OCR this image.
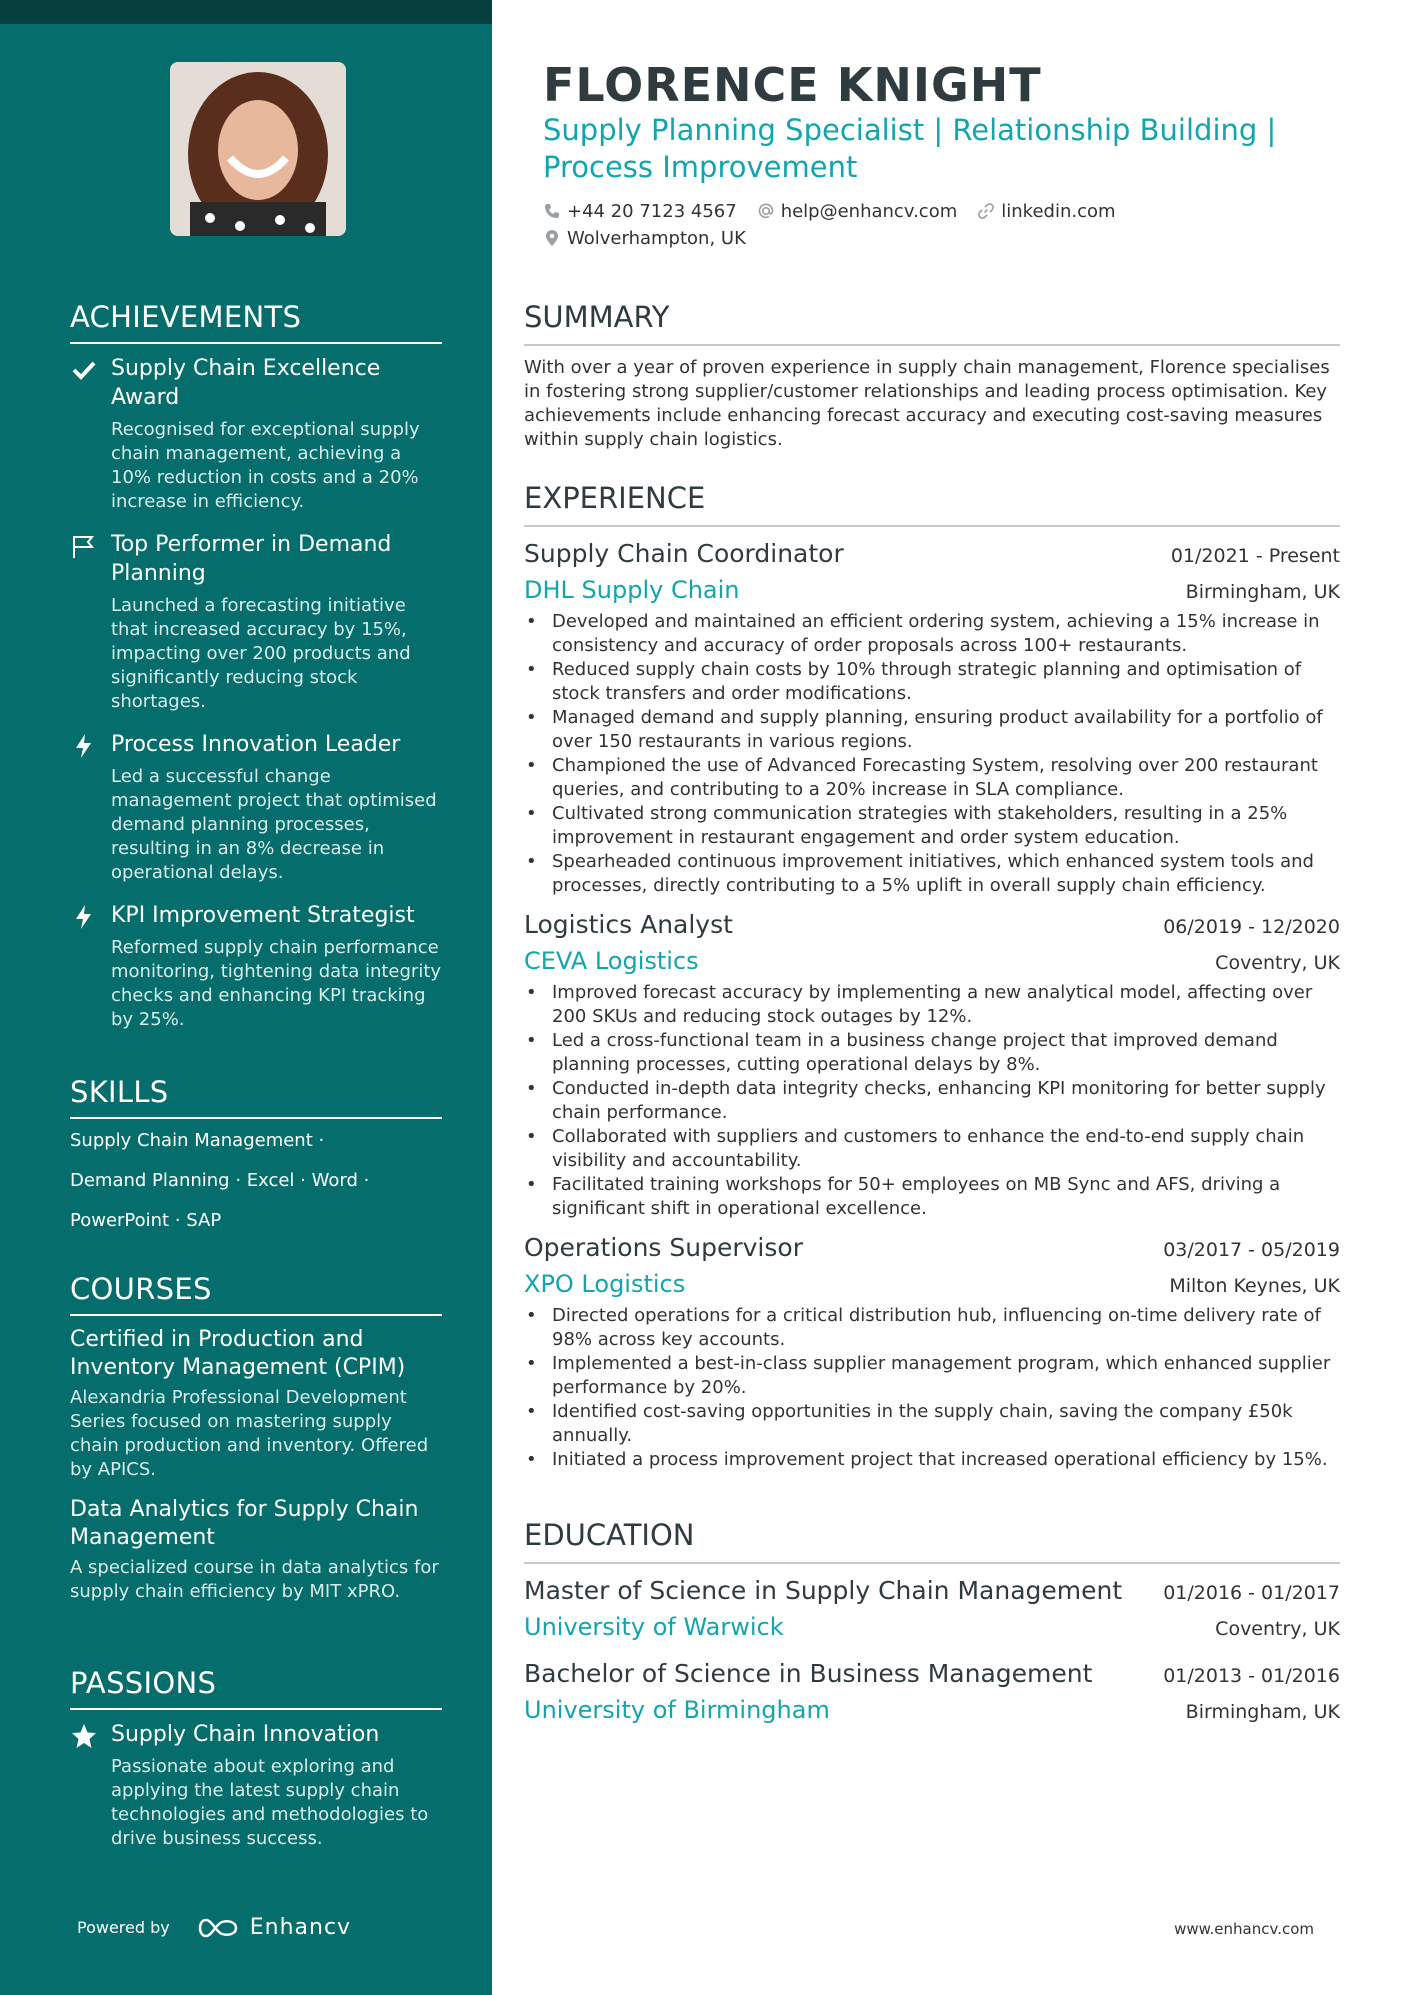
ACHIEVEMENTS
Supply Chain Excellence Award
Recognised for exceptional supply chain management, achieving a 10% reduction in costs and a 20% increase in efficiency.
Top Performer in Demand Planning
Launched a forecasting initiative that increased accuracy by 15%, impacting over 200 products and significantly reducing stock shortages.
Process Innovation Leader
Led a successful change management project that optimised demand planning processes, resulting in an 8% decrease in operational delays.
KPI Improvement Strategist
Reformed supply chain performance monitoring, tightening data integrity checks and enhancing KPI tracking by 25%.
SKILLS
Supply Chain Management ·
Demand Planning · Excel · Word ·
PowerPoint · SAP
COURSES
Certified in Production and Inventory Management (CPIM)
Alexandria Professional Development Series focused on mastering supply chain production and inventory. Offered by APICS.
Data Analytics for Supply Chain Management
A specialized course in data analytics for supply chain efficiency by MIT xPRO.
PASSIONS
Supply Chain Innovation
Passionate about exploring and applying the latest supply chain technologies and methodologies to drive business success.
Powered by	Enhancv
FLORENCE KNIGHT
Supply Planning Specialist | Relationship Building | Process Improvement
+44 20 7123 4567 help@enhancv.com linkedin.com
Wolverhampton, UK
SUMMARY
With over a year of proven experience in supply chain management, Florence specialises in fostering strong supplier/customer relationships and leading process optimisation. Key achievements include enhancing forecast accuracy and executing cost-saving measures within supply chain logistics.
EXPERIENCE
Supply Chain Coordinator	01/2021 - Present
DHL Supply Chain	Birmingham, UK
• Developed and maintained an efficient ordering system, achieving a 15% increase in consistency and accuracy of order proposals across 100+ restaurants.
• Reduced supply chain costs by 10% through strategic planning and optimisation of stock transfers and order modifications.
• Managed demand and supply planning, ensuring product availability for a portfolio of over 150 restaurants in various regions.
• Championed the use of Advanced Forecasting System, resolving over 200 restaurant queries, and contributing to a 20% increase in SLA compliance.
• Cultivated strong communication strategies with stakeholders, resulting in a 25% improvement in restaurant engagement and order system education.
• Spearheaded continuous improvement initiatives, which enhanced system tools and processes, directly contributing to a 5% uplift in overall supply chain efficiency.
Logistics Analyst	06/2019 - 12/2020
CEVA Logistics	Coventry, UK
• Improved forecast accuracy by implementing a new analytical model, affecting over 200 SKUs and reducing stock outages by 12%.
• Led a cross-functional team in a business change project that improved demand planning processes, cutting operational delays by 8%.
• Conducted in-depth data integrity checks, enhancing KPI monitoring for better supply chain performance.
• Collaborated with suppliers and customers to enhance the end-to-end supply chain visibility and accountability.
• Facilitated training workshops for 50+ employees on MB Sync and AFS, driving a significant shift in operational excellence.
Operations Supervisor	03/2017 - 05/2019
XPO Logistics	Milton Keynes, UK
• Directed operations for a critical distribution hub, influencing on-time delivery rate of 98% across key accounts.
• Implemented a best-in-class supplier management program, which enhanced supplier performance by 20%.
• Identified cost-saving opportunities in the supply chain, saving the company £50k annually.
• Initiated a process improvement project that increased operational efficiency by 15%.
EDUCATION
Master of Science in Supply Chain Management 01/2016 - 01/2017
University of Warwick	Coventry, UK
Bachelor of Science in Business Management	01/2013 - 01/2016
University of Birmingham	Birmingham, UK
www.enhancv.com
